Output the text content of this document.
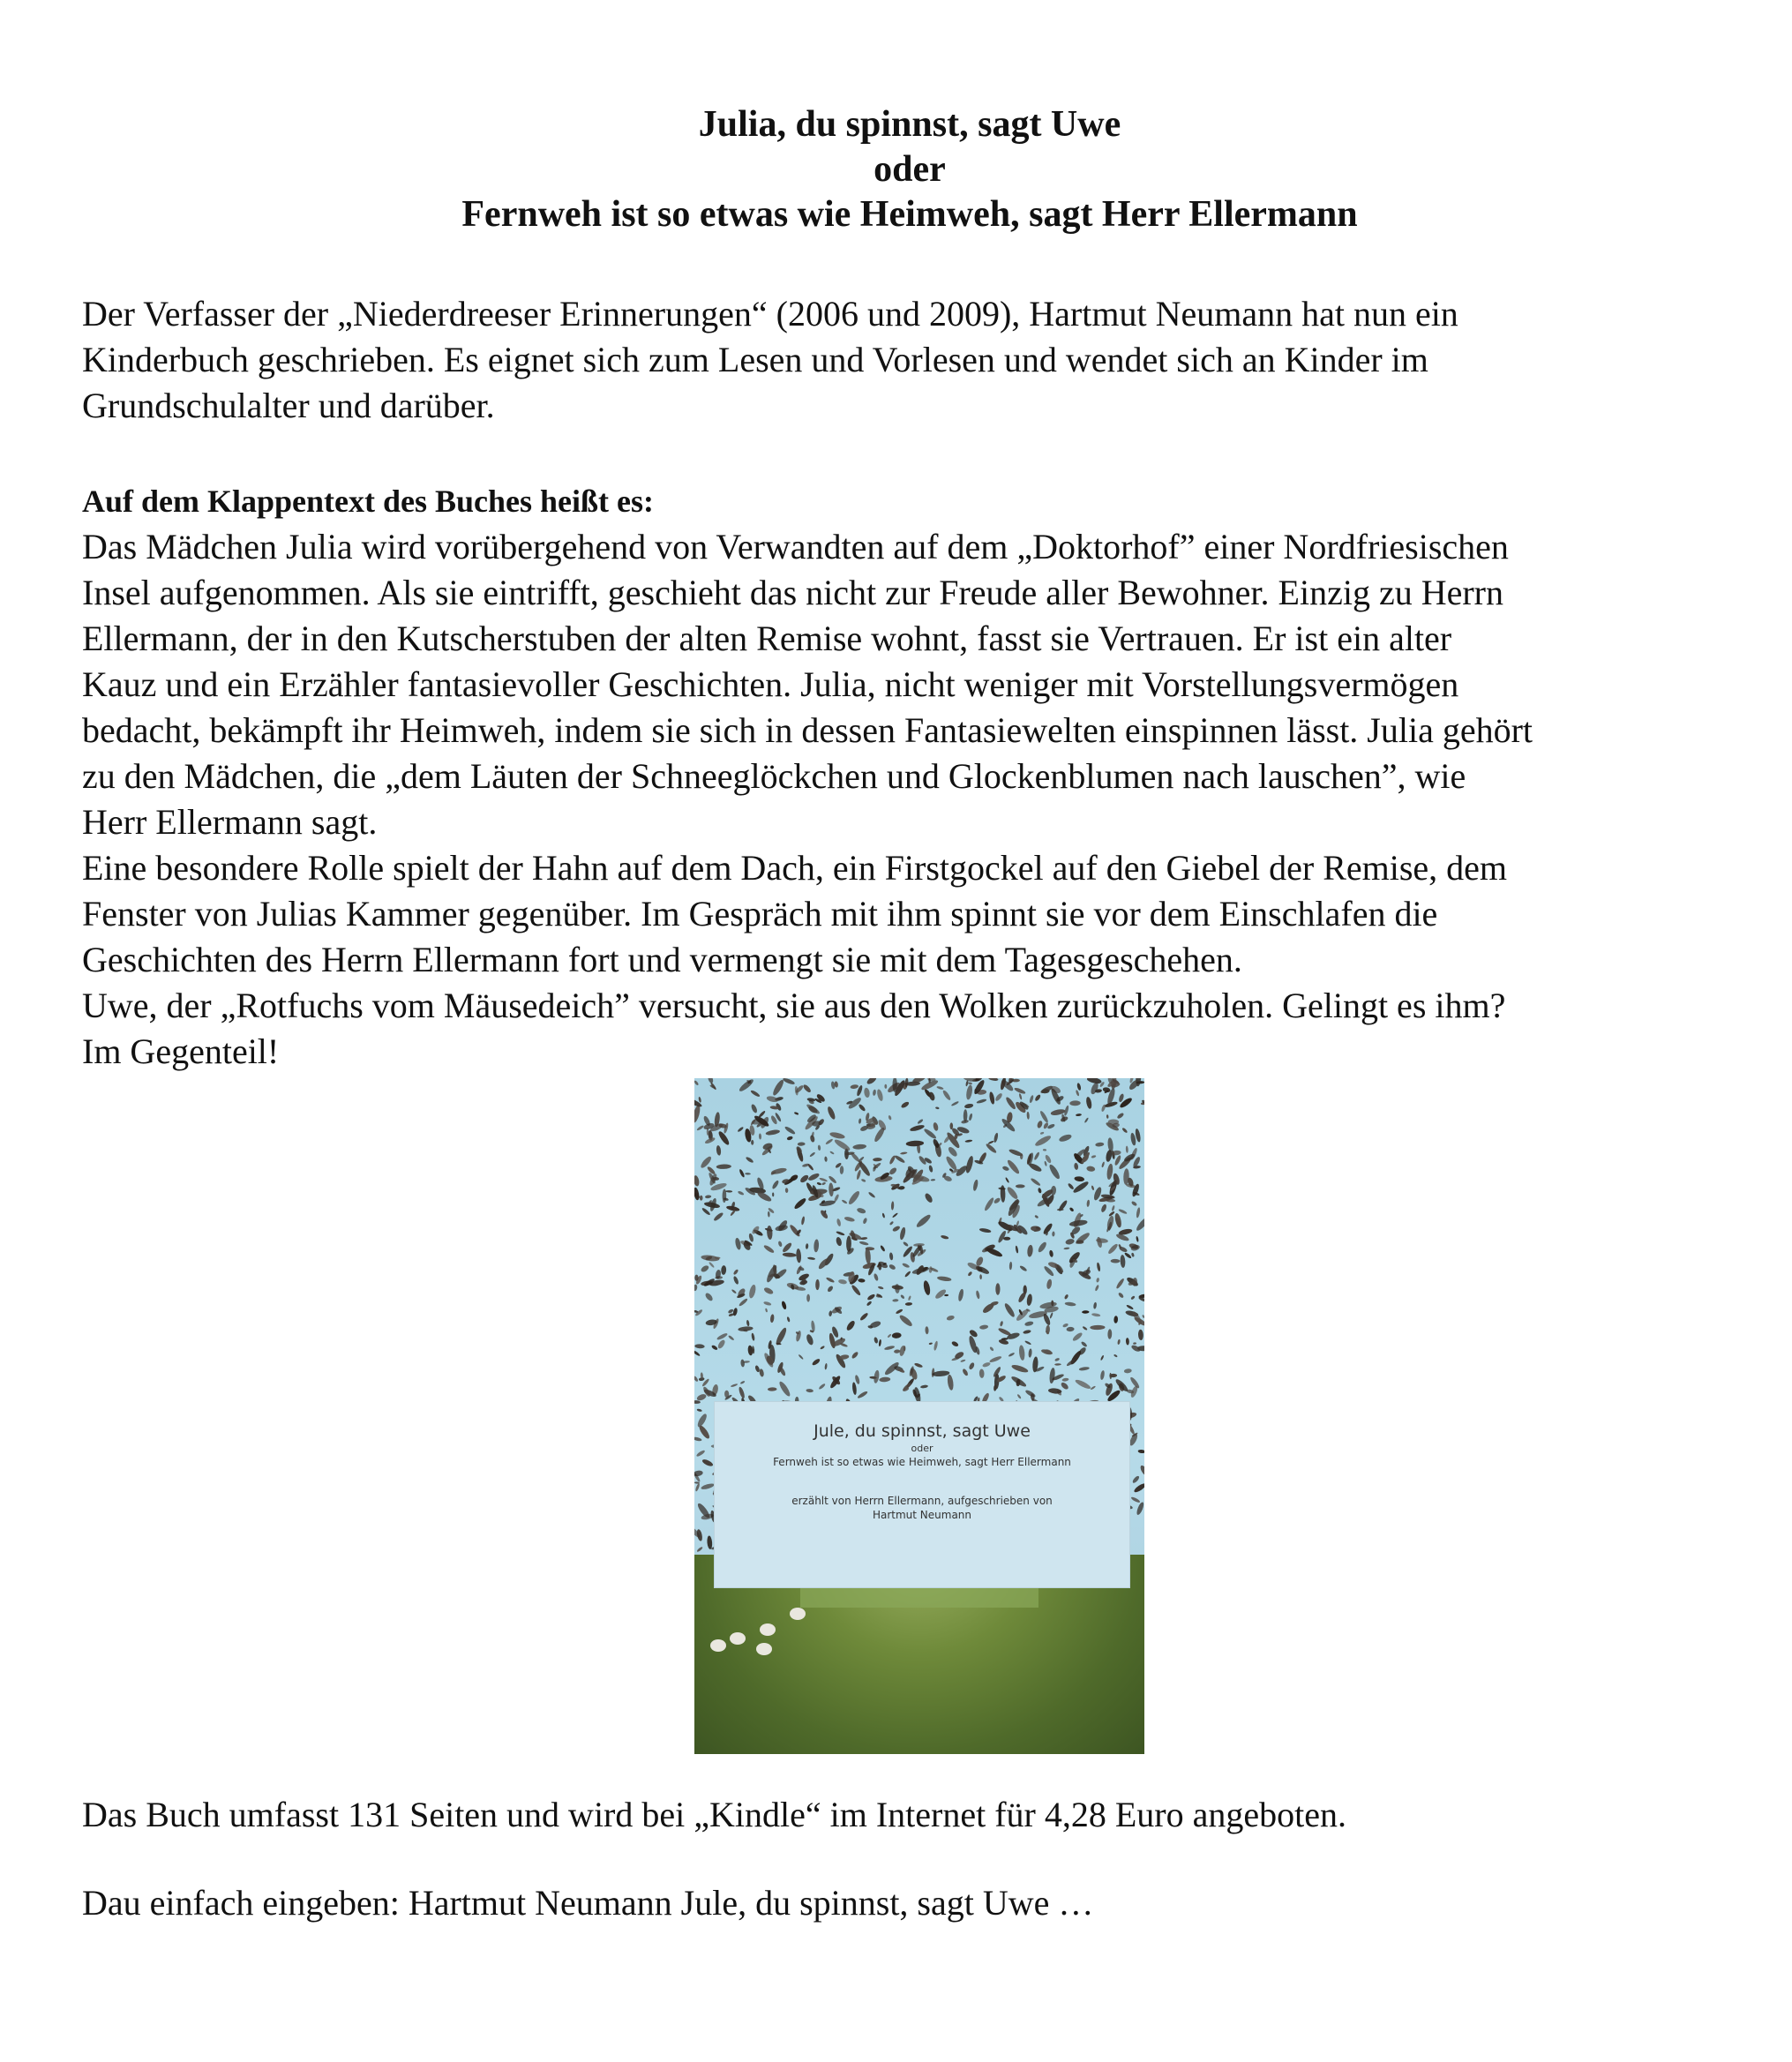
Julia, du spinnst, sagt Uwe
oder
Fernweh ist so etwas wie Heimweh, sagt Herr Ellermann
Der Verfasser der „Niederdreeser Erinnerungen“ (2006 und 2009), Hartmut Neumann hat nun ein
Kinderbuch geschrieben. Es eignet sich zum Lesen und Vorlesen und wendet sich an Kinder im
Grundschulalter und darüber.
Auf dem Klappentext des Buches heißt es:
Das Mädchen Julia wird vorübergehend von Verwandten auf dem „Doktorhof” einer Nordfriesischen
Insel aufgenommen. Als sie eintrifft, geschieht das nicht zur Freude aller Bewohner. Einzig zu Herrn
Ellermann, der in den Kutscherstuben der alten Remise wohnt, fasst sie Vertrauen. Er ist ein alter
Kauz und ein Erzähler fantasievoller Geschichten. Julia, nicht weniger mit Vorstellungsvermögen
bedacht, bekämpft ihr Heimweh, indem sie sich in dessen Fantasiewelten einspinnen lässt. Julia gehört
zu den Mädchen, die „dem Läuten der Schneeglöckchen und Glockenblumen nach lauschen”, wie
Herr Ellermann sagt.
Eine besondere Rolle spielt der Hahn auf dem Dach, ein Firstgockel auf den Giebel der Remise, dem
Fenster von Julias Kammer gegenüber. Im Gespräch mit ihm spinnt sie vor dem Einschlafen die
Geschichten des Herrn Ellermann fort und vermengt sie mit dem Tagesgeschehen.
Uwe, der „Rotfuchs vom Mäusedeich” versucht, sie aus den Wolken zurückzuholen. Gelingt es ihm?
Im Gegenteil!
Jule, du spinnst, sagt Uwe
oder
Fernweh ist so etwas wie Heimweh, sagt Herr Ellermann
erzählt von Herrn Ellermann, aufgeschrieben von
Hartmut Neumann
Das Buch umfasst 131 Seiten und wird bei „Kindle“ im Internet für 4,28 Euro angeboten.
Dau einfach eingeben: Hartmut Neumann Jule, du spinnst, sagt Uwe …
